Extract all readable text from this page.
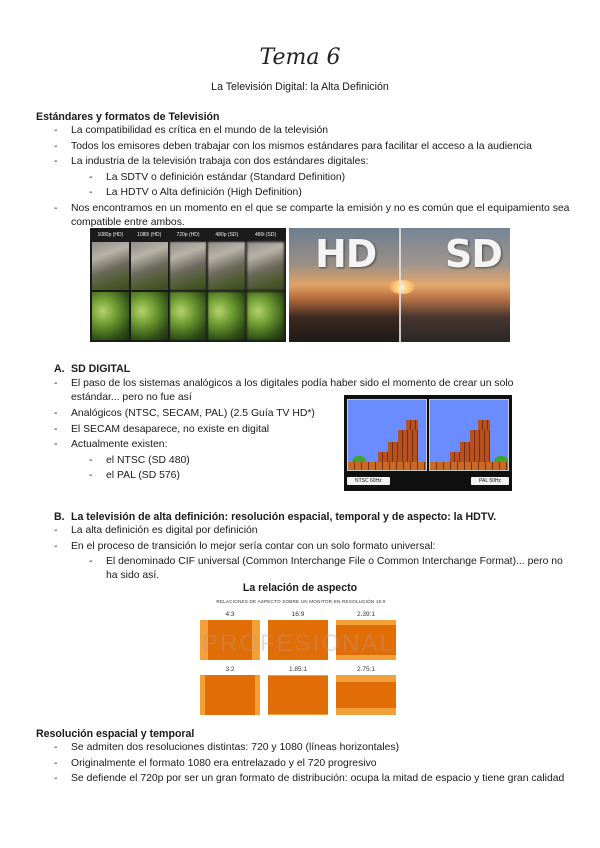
Tema 6
La Televisión Digital: la Alta Definición
Estándares y formatos de Televisión
- La compatibilidad es crítica en el mundo de la televisión
- Todos los emisores deben trabajar con los mismos estándares para facilitar el acceso a la audiencia
- La industria de la televisión trabaja con dos estándares digitales:
- La SDTV o definición estándar (Standard Definition)
- La HDTV o Alta definición (High Definition)
- Nos encontramos en un momento en el que se comparte la emisión y no es común que el equipamiento sea compatible entre ambos.
1080p (HD)	1080i (HD)	720p (HD)	480p (SD)	480i (SD) HD SD
A. SD DIGITAL
- El paso de los sistemas analógicos a los digitales podía haber sido el momento de crear un solo estándar... pero no fue así
- Analógicos (NTSC, SECAM, PAL) (2.5 Guía TV HD*)
- El SECAM desaparece, no existe en digital
- Actualmente existen:
- el NTSC (SD 480)
- el PAL (SD 576)	NTSC 60Hz	PAL 50Hz
B. La televisión de alta definición: resolución espacial, temporal y de aspecto: la HDTV.
- La alta definición es digital por definición
- En el proceso de transición lo mejor sería contar con un solo formato universal:
- El denominado CIF universal (Common Interchange File o Common Interchange Format)... pero no ha sido así.
La relación de aspecto
RELACIONES DE ASPECTO SOBRE UN MONITOR EN RESOLUCIÓN 16:9
4:3	16:9	2.39:1
3:2	1.85:1	2.75:1
PROFESIONAL
Resolución espacial y temporal
- Se admiten dos resoluciones distintas: 720 y 1080 (líneas horizontales)
- Originalmente el formato 1080 era entrelazado y el 720 progresivo
- Se defiende el 720p por ser un gran formato de distribución: ocupa la mitad de espacio y tiene gran calidad
